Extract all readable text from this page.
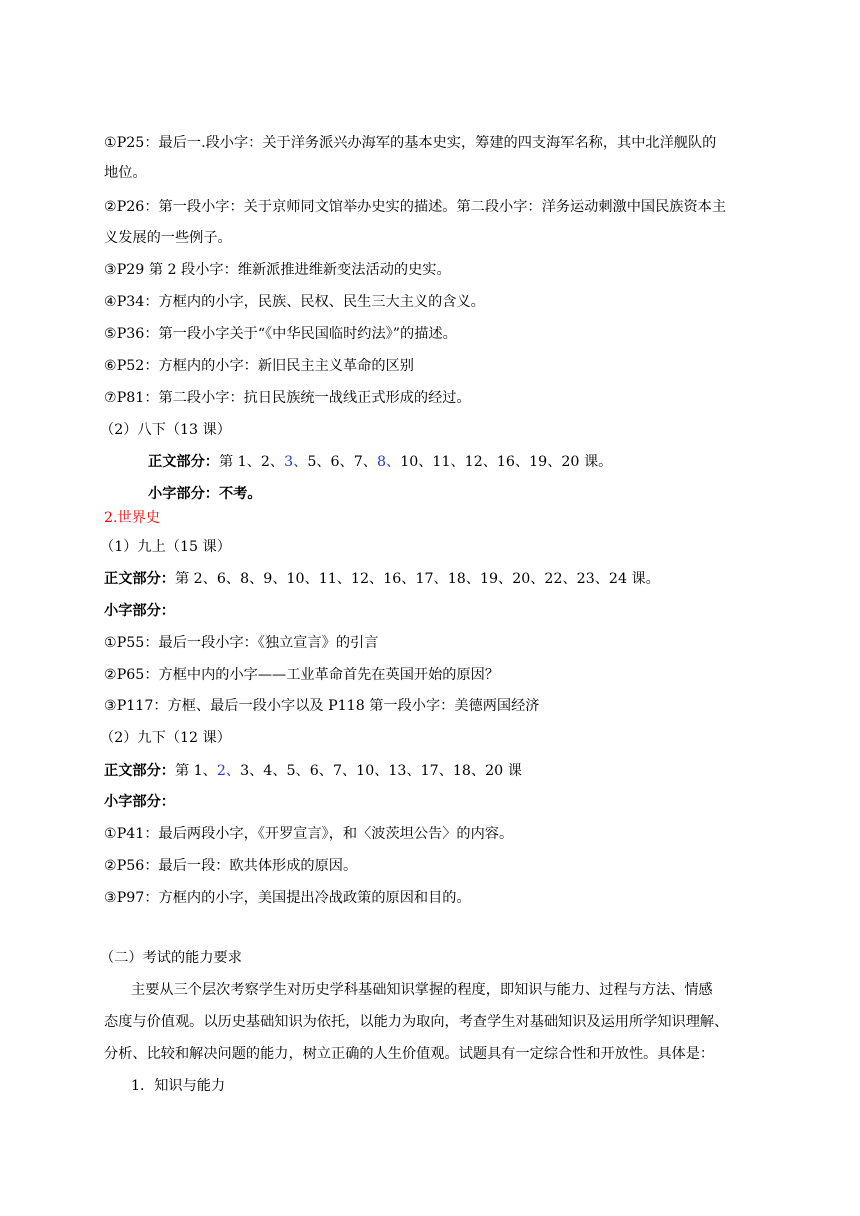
①P25：最后一.段小字：关于洋务派兴办海军的基本史实，筹建的四支海军名称，其中北洋舰队的
地位。
②P26：第一段小字：关于京师同文馆举办史实的描述。第二段小字：洋务运动刺激中国民族资本主
义发展的一些例子。
③P29 第 2 段小字：维新派推进维新变法活动的史实。
④P34：方框内的小字，民族、民权、民生三大主义的含义。
⑤P36：第一段小字关于“《中华民国临时约法》”的描述。
⑥P52：方框内的小字：新旧民主主义革命的区别
⑦P81：第二段小字：抗日民族统一战线正式形成的经过。
（2）八下（13 课）
正文部分：第 1、2、3、5、6、7、8、10、11、12、16、19、20 课。
小字部分：不考。
2.世界史
（1）九上（15 课）
正文部分：第 2、6、8、9、10、11、12、16、17、18、19、20、22、23、24 课。
小字部分：
①P55：最后一段小字：《独立宣言》的引言
②P65：方框中内的小字——工业革命首先在英国开始的原因？
③P117：方框、最后一段小字以及 P118 第一段小字：美德两国经济
（2）九下（12 课）
正文部分：第 1、2、3、4、5、6、7、10、13、17、18、20 课
小字部分：
①P41：最后两段小字，《开罗宣言》，和〈波茨坦公告〉的内容。
②P56：最后一段：欧共体形成的原因。
③P97：方框内的小字，美国提出冷战政策的原因和目的。
（二）考试的能力要求
主要从三个层次考察学生对历史学科基础知识掌握的程度，即知识与能力、过程与方法、情感
态度与价值观。以历史基础知识为依托，以能力为取向，考查学生对基础知识及运用所学知识理解、
分析、比较和解决问题的能力，树立正确的人生价值观。试题具有一定综合性和开放性。具体是：
1．知识与能力
